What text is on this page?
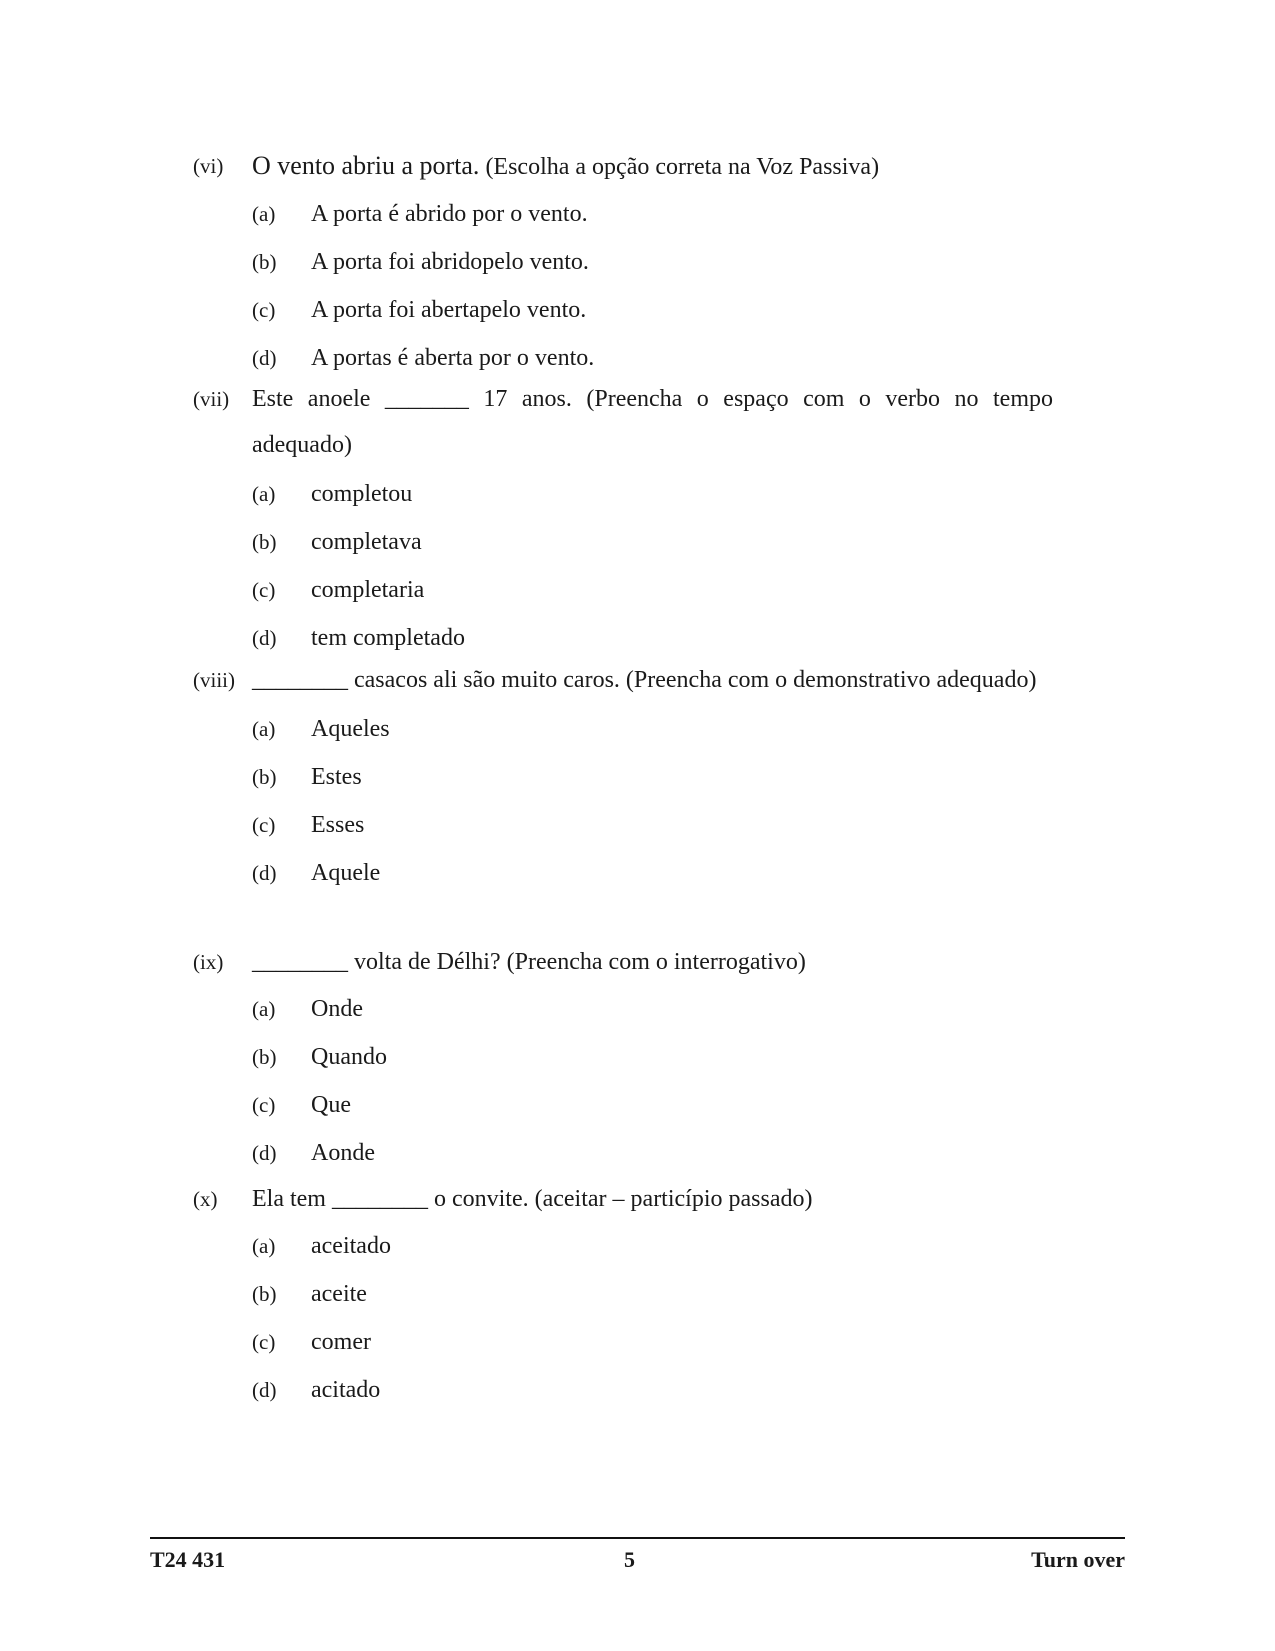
(vi) O vento abriu a porta. (Escolha a opção correta na Voz Passiva)
(a)	A porta é abrido por o vento.
(b)	A porta foi abridopelo vento.
(c)	A porta foi abertapelo vento.
(d)	A portas é aberta por o vento.
(vii) Este anoele _______ 17 anos. (Preencha o espaço com o verbo no tempo adequado)
(a)	completou
(b)	completava
(c)	completaria
(d)	tem completado
(viii) ________ casacos ali são muito caros. (Preencha com o demonstrativo adequado)
(a)	Aqueles
(b)	Estes
(c)	Esses
(d)	Aquele
(ix) ________ volta de Délhi? (Preencha com o interrogativo)
(a)	Onde
(b)	Quando
(c)	Que
(d)	Aonde
(x) Ela tem ________ o convite. (aceitar – particípio passado)
(a)	aceitado
(b)	aceite
(c)	comer
(d)	acitado
T24 431	5	Turn over
